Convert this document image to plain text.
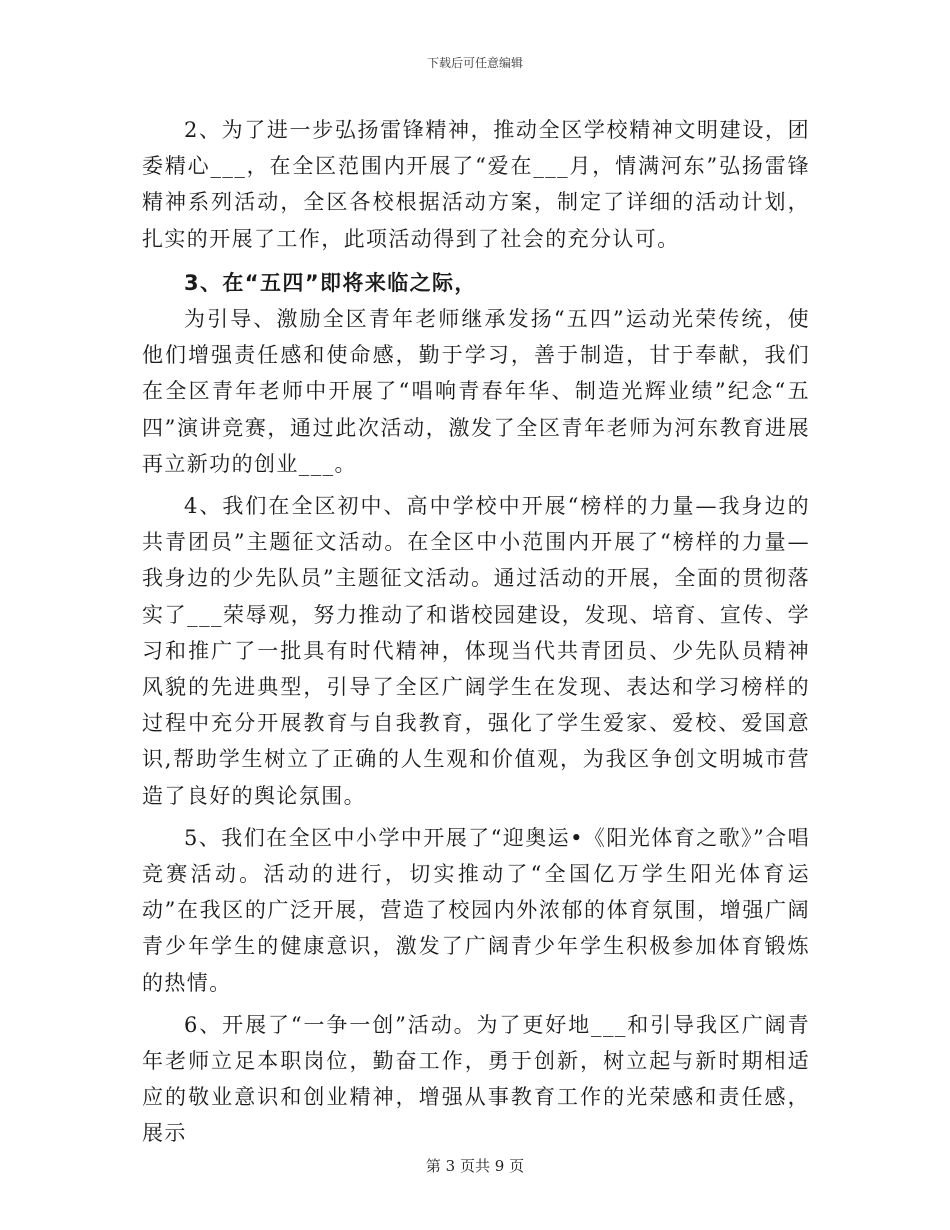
下载后可任意编辑

2、为了进一步弘扬雷锋精神，推动全区学校精神文明建设，团委精心___，在全区范围内开展了“爱在___月，情满河东”弘扬雷锋精神系列活动，全区各校根据活动方案，制定了详细的活动计划，扎实的开展了工作，此项活动得到了社会的充分认可。

3、在“五四”即将来临之际，

为引导、激励全区青年老师继承发扬“五四”运动光荣传统，使他们增强责任感和使命感，勤于学习，善于制造，甘于奉献，我们在全区青年老师中开展了“唱响青春年华、制造光辉业绩”纪念“五四”演讲竞赛，通过此次活动，激发了全区青年老师为河东教育进展再立新功的创业___。

4、我们在全区初中、高中学校中开展“榜样的力量—我身边的共青团员”主题征文活动。在全区中小范围内开展了“榜样的力量—我身边的少先队员”主题征文活动。通过活动的开展，全面的贯彻落实了___荣辱观，努力推动了和谐校园建设，发现、培育、宣传、学习和推广了一批具有时代精神，体现当代共青团员、少先队员精神风貌的先进典型，引导了全区广阔学生在发现、表达和学习榜样的过程中充分开展教育与自我教育，强化了学生爱家、爱校、爱国意识,帮助学生树立了正确的人生观和价值观，为我区争创文明城市营造了良好的舆论氛围。

5、我们在全区中小学中开展了“迎奥运•《阳光体育之歌》”合唱竞赛活动。活动的进行，切实推动了“全国亿万学生阳光体育运动”在我区的广泛开展，营造了校园内外浓郁的体育氛围，增强广阔青少年学生的健康意识，激发了广阔青少年学生积极参加体育锻炼的热情。

6、开展了“一争一创”活动。为了更好地___和引导我区广阔青年老师立足本职岗位，勤奋工作，勇于创新，树立起与新时期相适应的敬业意识和创业精神，增强从事教育工作的光荣感和责任感，展示

第 3 页共 9 页
